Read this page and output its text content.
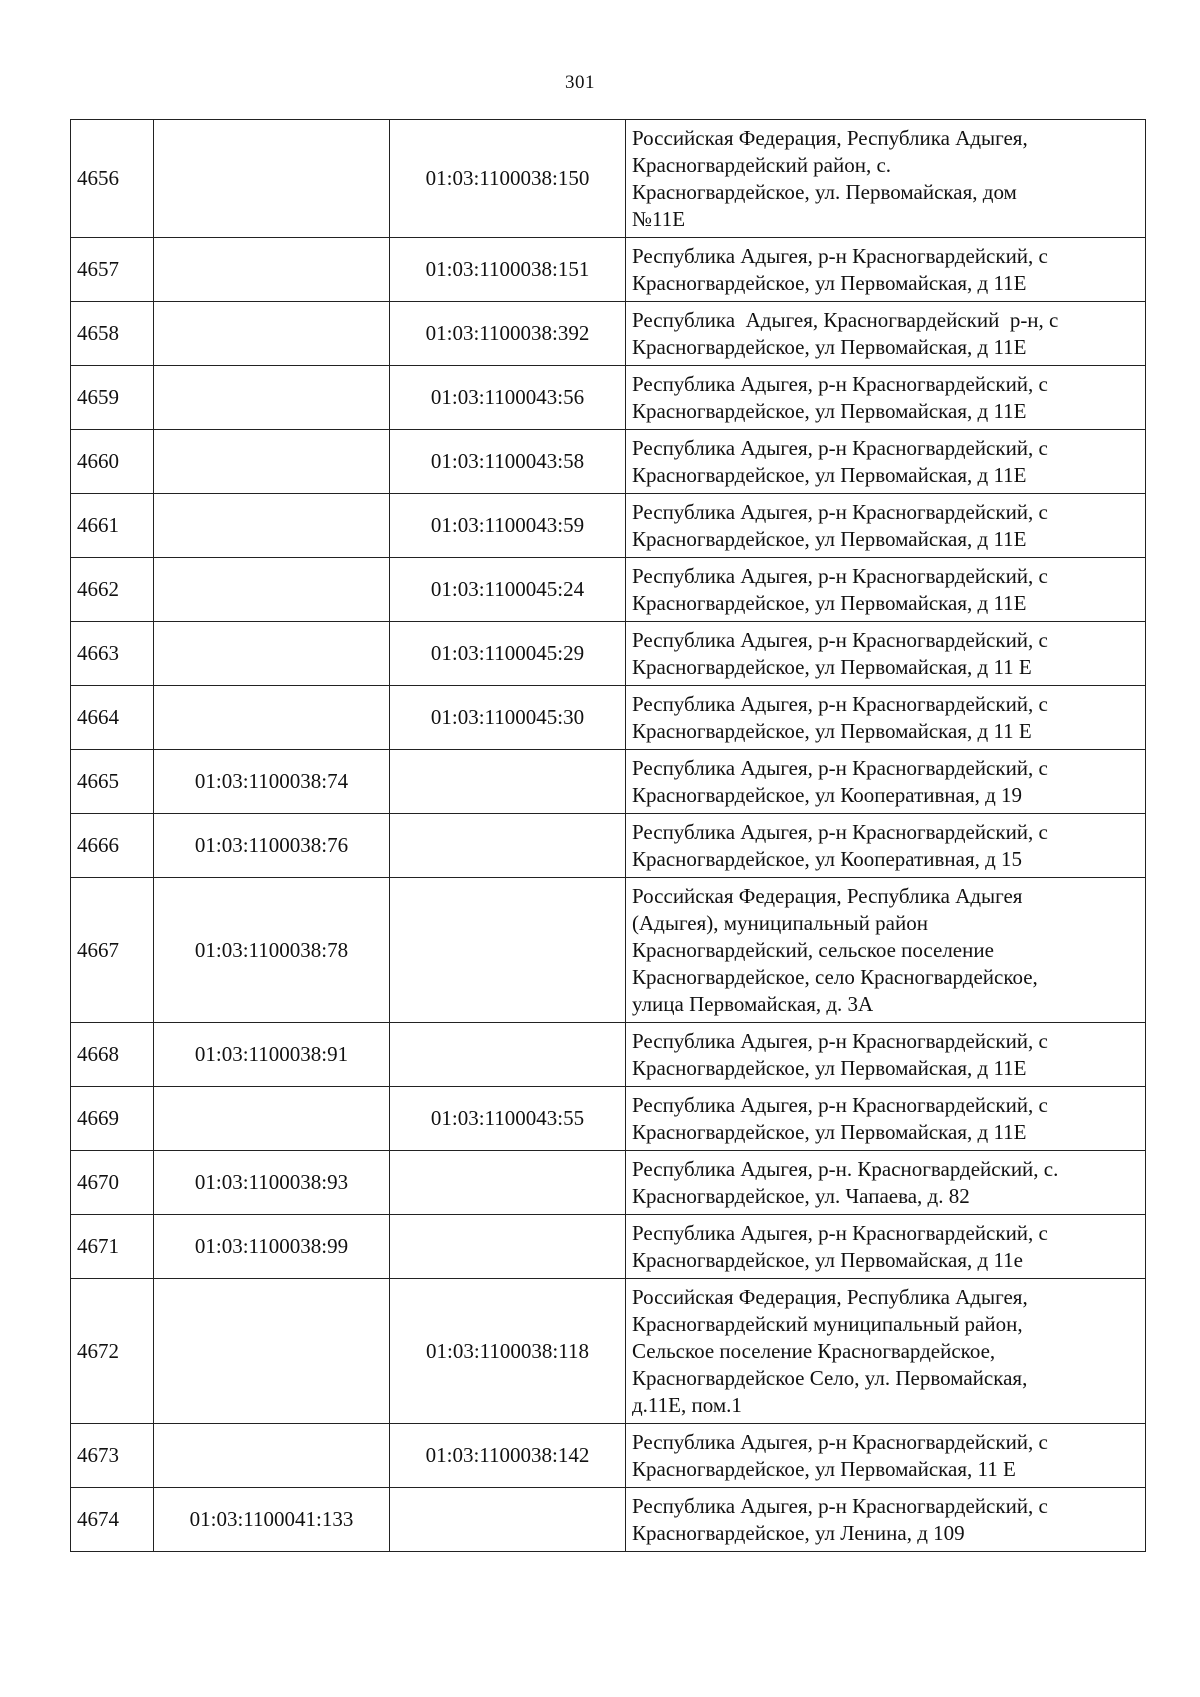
301
4656		01:03:1100038:150	Российская Федерация, Республика Адыгея,
Красногвардейский район, с.
Красногвардейское, ул. Первомайская, дом
№11Е

4657		01:03:1100038:151	Республика Адыгея, р-н Красногвардейский, с
Красногвардейское, ул Первомайская, д 11Е

4658		01:03:1100038:392	Республика  Адыгея, Красногвардейский  р-н, с
Красногвардейское, ул Первомайская, д 11Е

4659		01:03:1100043:56	Республика Адыгея, р-н Красногвардейский, с
Красногвардейское, ул Первомайская, д 11Е

4660		01:03:1100043:58	Республика Адыгея, р-н Красногвардейский, с
Красногвардейское, ул Первомайская, д 11Е

4661		01:03:1100043:59	Республика Адыгея, р-н Красногвардейский, с
Красногвардейское, ул Первомайская, д 11Е

4662		01:03:1100045:24	Республика Адыгея, р-н Красногвардейский, с
Красногвардейское, ул Первомайская, д 11Е

4663		01:03:1100045:29	Республика Адыгея, р-н Красногвардейский, с
Красногвардейское, ул Первомайская, д 11 Е

4664		01:03:1100045:30	Республика Адыгея, р-н Красногвардейский, с
Красногвардейское, ул Первомайская, д 11 Е

4665	01:03:1100038:74		Республика Адыгея, р-н Красногвардейский, с
Красногвардейское, ул Кооперативная, д 19

4666	01:03:1100038:76		Республика Адыгея, р-н Красногвардейский, с
Красногвардейское, ул Кооперативная, д 15

4667	01:03:1100038:78		Российская Федерация, Республика Адыгея
(Адыгея), муниципальный район
Красногвардейский, сельское поселение
Красногвардейское, село Красногвардейское,
улица Первомайская, д. 3А

4668	01:03:1100038:91		Республика Адыгея, р-н Красногвардейский, с
Красногвардейское, ул Первомайская, д 11Е

4669		01:03:1100043:55	Республика Адыгея, р-н Красногвардейский, с
Красногвардейское, ул Первомайская, д 11Е

4670	01:03:1100038:93		Республика Адыгея, р-н. Красногвардейский, с.
Красногвардейское, ул. Чапаева, д. 82

4671	01:03:1100038:99		Республика Адыгея, р-н Красногвардейский, с
Красногвардейское, ул Первомайская, д 11е

4672		01:03:1100038:118	Российская Федерация, Республика Адыгея,
Красногвардейский муниципальный район,
Сельское поселение Красногвардейское,
Красногвардейское Село, ул. Первомайская,
д.11Е, пом.1

4673		01:03:1100038:142	Республика Адыгея, р-н Красногвардейский, с
Красногвардейское, ул Первомайская, 11 Е

4674	01:03:1100041:133		Республика Адыгея, р-н Красногвардейский, с
Красногвардейское, ул Ленина, д 109
